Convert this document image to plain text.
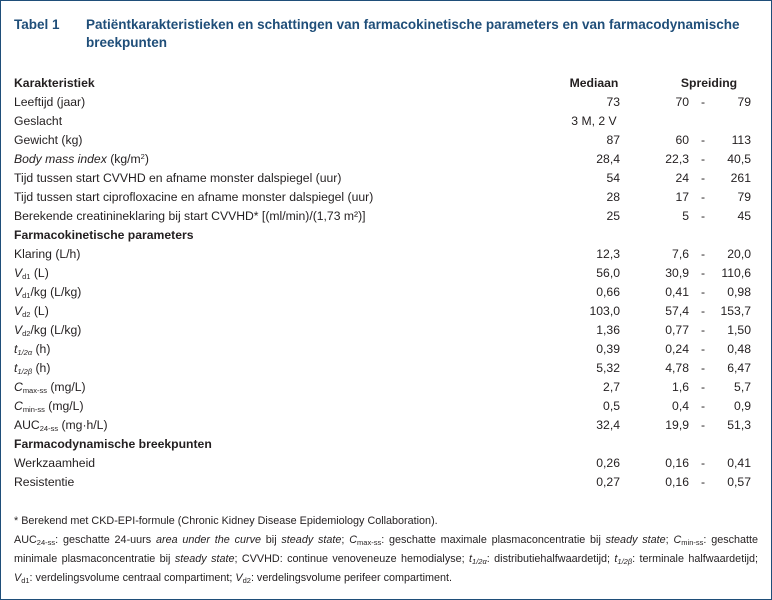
Tabel 1 Patiëntkarakteristieken en schattingen van farmacokinetische parameters en van farmacodynamische breekpunten
Karakteristiek	Mediaan	Spreiding
Leeftijd (jaar)	73	70 -	79
Geslacht	3 M, 2 V
Gewicht (kg)	87	60 -	113
Body mass index $(kg/m^2)$	28,4	22,3 -	40,5
Tijd tussen start CVVHD en afname monster dalspiegel (uur)	54	24 -	261
Tijd tussen start ciprofloxacine en afname monster dalspiegel (uur)	28	17 -	79
Berekende creatinineklaring bij start CVVHD* [(ml/min)/(1,73 m²)]	25	5 -	45
Farmacokinetische parameters
Klaring (L/h)	12,3	7,6 -	20,0
$V_{d1}$ (L)	56,0	30,9 -	110,6
$V_{d1}/kg$ (L/kg)	0,66	0,41 -	0,98
$V_{d2}$ (L)	103,0	57,4 -	153,7
$V_{d2}/kg$ (L/kg)	1,36	0,77 -	1,50
$t_{1/2\alpha}$ (h)	0,39	0,24 -	0,48
$t_{1/2\beta}$ (h)	5,32	4,78 -	6,47
$C_{max-ss}$ (mg/L)	2,7	1,6 -	5,7
$C_{min-ss}$ (mg/L)	0,5	0,4 -	0,9
$AUC_{24-ss}$ (mg·h/L)	32,4	19,9 -	51,3
Farmacodynamische breekpunten
Werkzaamheid	0,26	0,16 -	0,41
Resistentie	0,27	0,16 -	0,57

* Berekend met CKD-EPI-formule (Chronic Kidney Disease Epidemiology Collaboration).

$AUC_{24-ss}$: geschatte 24-uurs area under the curve bij steady state; $C_{max-ss}$: geschatte maximale plasmaconcentratie bij steady state; $C_{min-ss}$: geschatte minimale plasmaconcentratie bij steady state; CVVHD: continue venoveneuze hemodialyse; $t_{1/2\alpha}$: distributiehalfwaardetijd; $t_{1/2\beta}$: terminale halfwaardetijd; $V_{d1}$: verdelingsvolume centraal compartiment; $V_{d2}$: verdelingsvolume perifeer compartiment.
